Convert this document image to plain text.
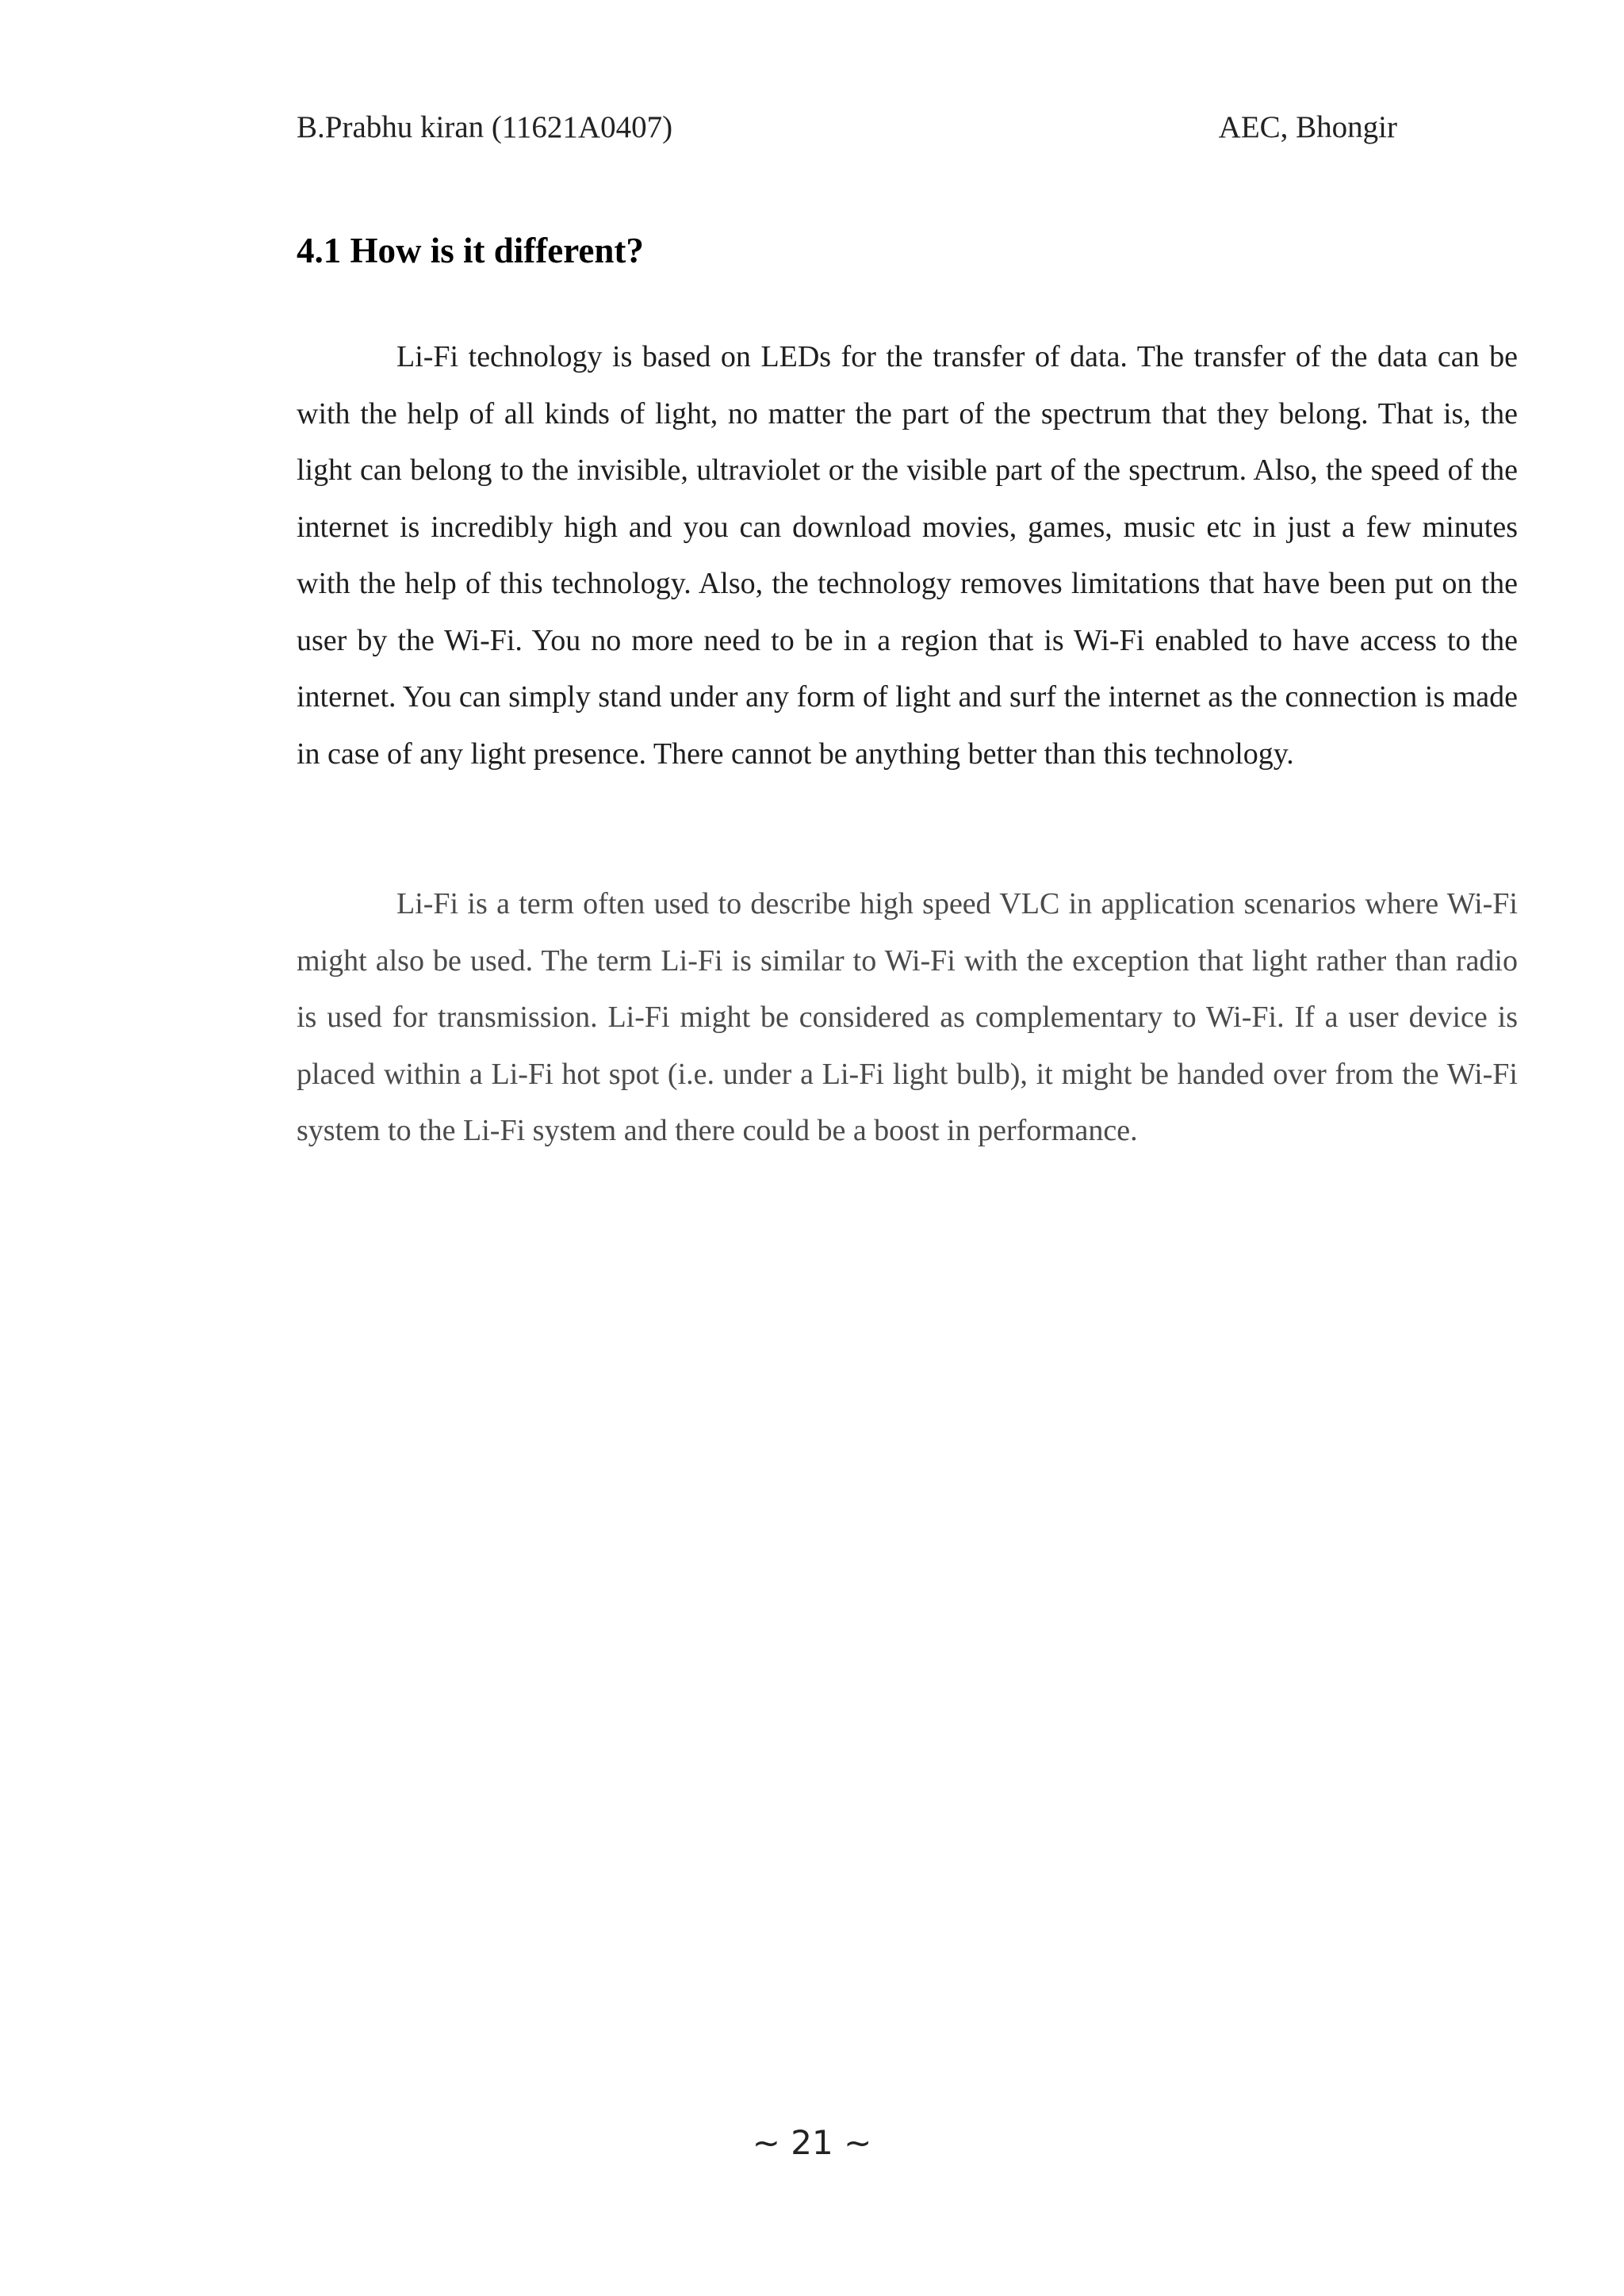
B.Prabhu kiran (11621A0407)	AEC, Bhongir
4.1 How is it different?

Li-Fi technology is based on LEDs for the transfer of data. The transfer of the data can be with the help of all kinds of light, no matter the part of the spectrum that they belong. That is, the light can belong to the invisible, ultraviolet or the visible part of the spectrum. Also, the speed of the internet is incredibly high and you can download movies, games, music etc in just a few minutes with the help of this technology. Also, the technology removes limitations that have been put on the user by the Wi-Fi. You no more need to be in a region that is Wi-Fi enabled to have access to the internet. You can simply stand under any form of light and surf the internet as the connection is made in case of any light presence. There cannot be anything better than this technology.

Li-Fi is a term often used to describe high speed VLC in application scenarios where Wi-Fi might also be used. The term Li-Fi is similar to Wi-Fi with the exception that light rather than radio is used for transmission. Li-Fi might be considered as complementary to Wi-Fi. If a user device is placed within a Li-Fi hot spot (i.e. under a Li-Fi light bulb), it might be handed over from the Wi-Fi system to the Li-Fi system and there could be a boost in performance.

~ 21 ~
